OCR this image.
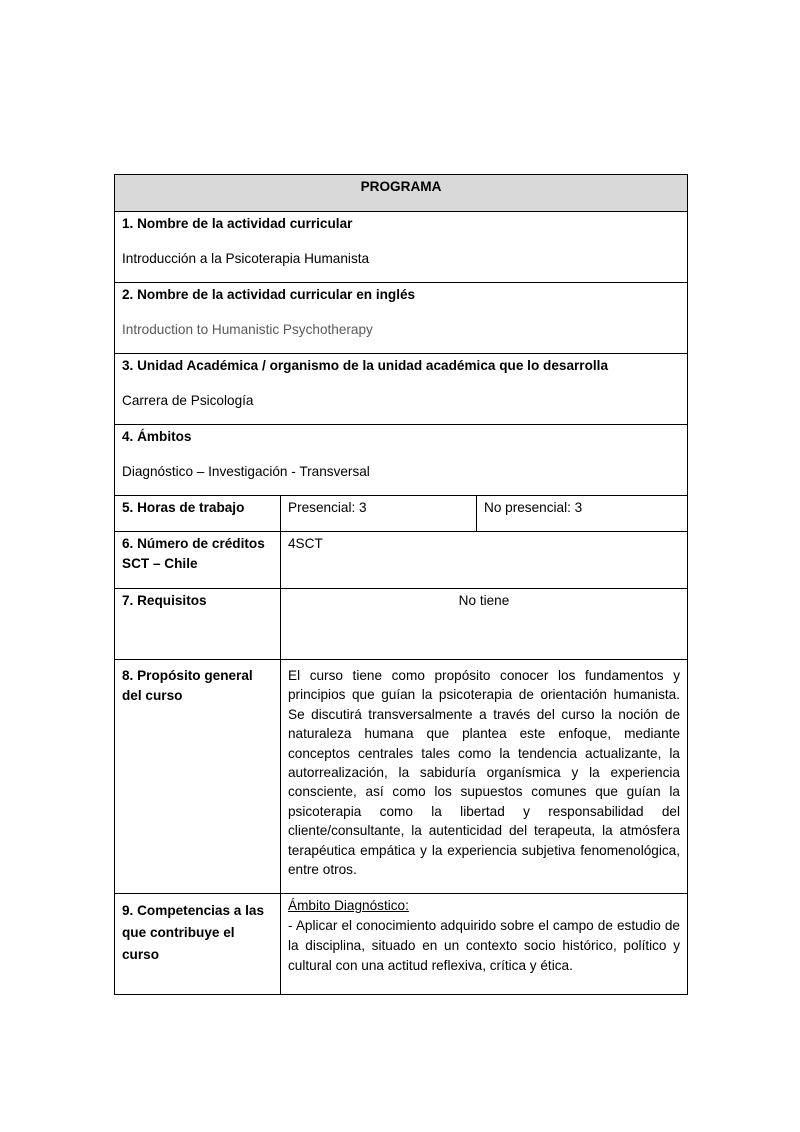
PROGRAMA		

1. Nombre de la actividad curricular
Introducción a la Psicoterapia Humanista		

2. Nombre de la actividad curricular en inglés
Introduction to Humanistic Psychotherapy		

3. Unidad Académica / organismo de la unidad académica que lo desarrolla
Carrera de Psicología		

4. Ámbitos
Diagnóstico – Investigación - Transversal		

5. Horas de trabajo	Presencial: 3	No presencial: 3
6. Número de créditos SCT – Chile	4SCT	
7. Requisitos	No tiene	
8. Propósito general del curso	El curso tiene como propósito conocer los fundamentos y principios que guían la psicoterapia de orientación humanista. Se discutirá transversalmente a través del curso la noción de naturaleza humana que plantea este enfoque, mediante conceptos centrales tales como la tendencia actualizante, la autorrealización, la sabiduría organísmica y la experiencia consciente, así como los supuestos comunes que guían la psicoterapia como la libertad y responsabilidad del cliente/consultante, la autenticidad del terapeuta, la atmósfera terapéutica empática y la experiencia subjetiva fenomenológica, entre otros.	
9. Competencias a las que contribuye el curso	Ámbito Diagnóstico:
- Aplicar el conocimiento adquirido sobre el campo de estudio de la disciplina, situado en un contexto socio histórico, político y cultural con una actitud reflexiva, crítica y ética.	
